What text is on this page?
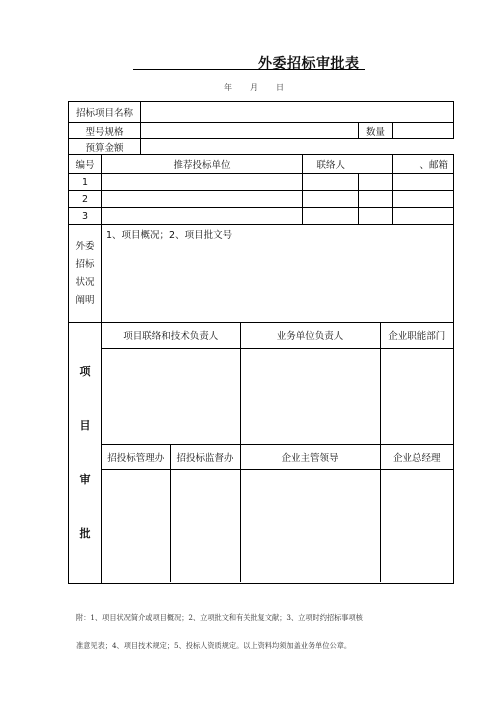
外委招标审批表
年 月 日
招标项目名称	
型号规格		数量	
预算金额	
编号	推荐投标单位	联络人		、邮箱
1				
2				
3				

外委
招标
状况
阐明
	1、项目概况；2、项目批文号

项
目
审
批

项目联络和技术负责人	业务单位负责人	企业职能部门

招投标管理办	招投标监督办	企业主管领导	企业总经理

附：1、项目状况简介或项目概况；2、立项批文和有关批复文献；3、立项时约招标事项核
准意见表；4、项目技术规定；5、投标人资质规定。以上资料均须加盖业务单位公章。
